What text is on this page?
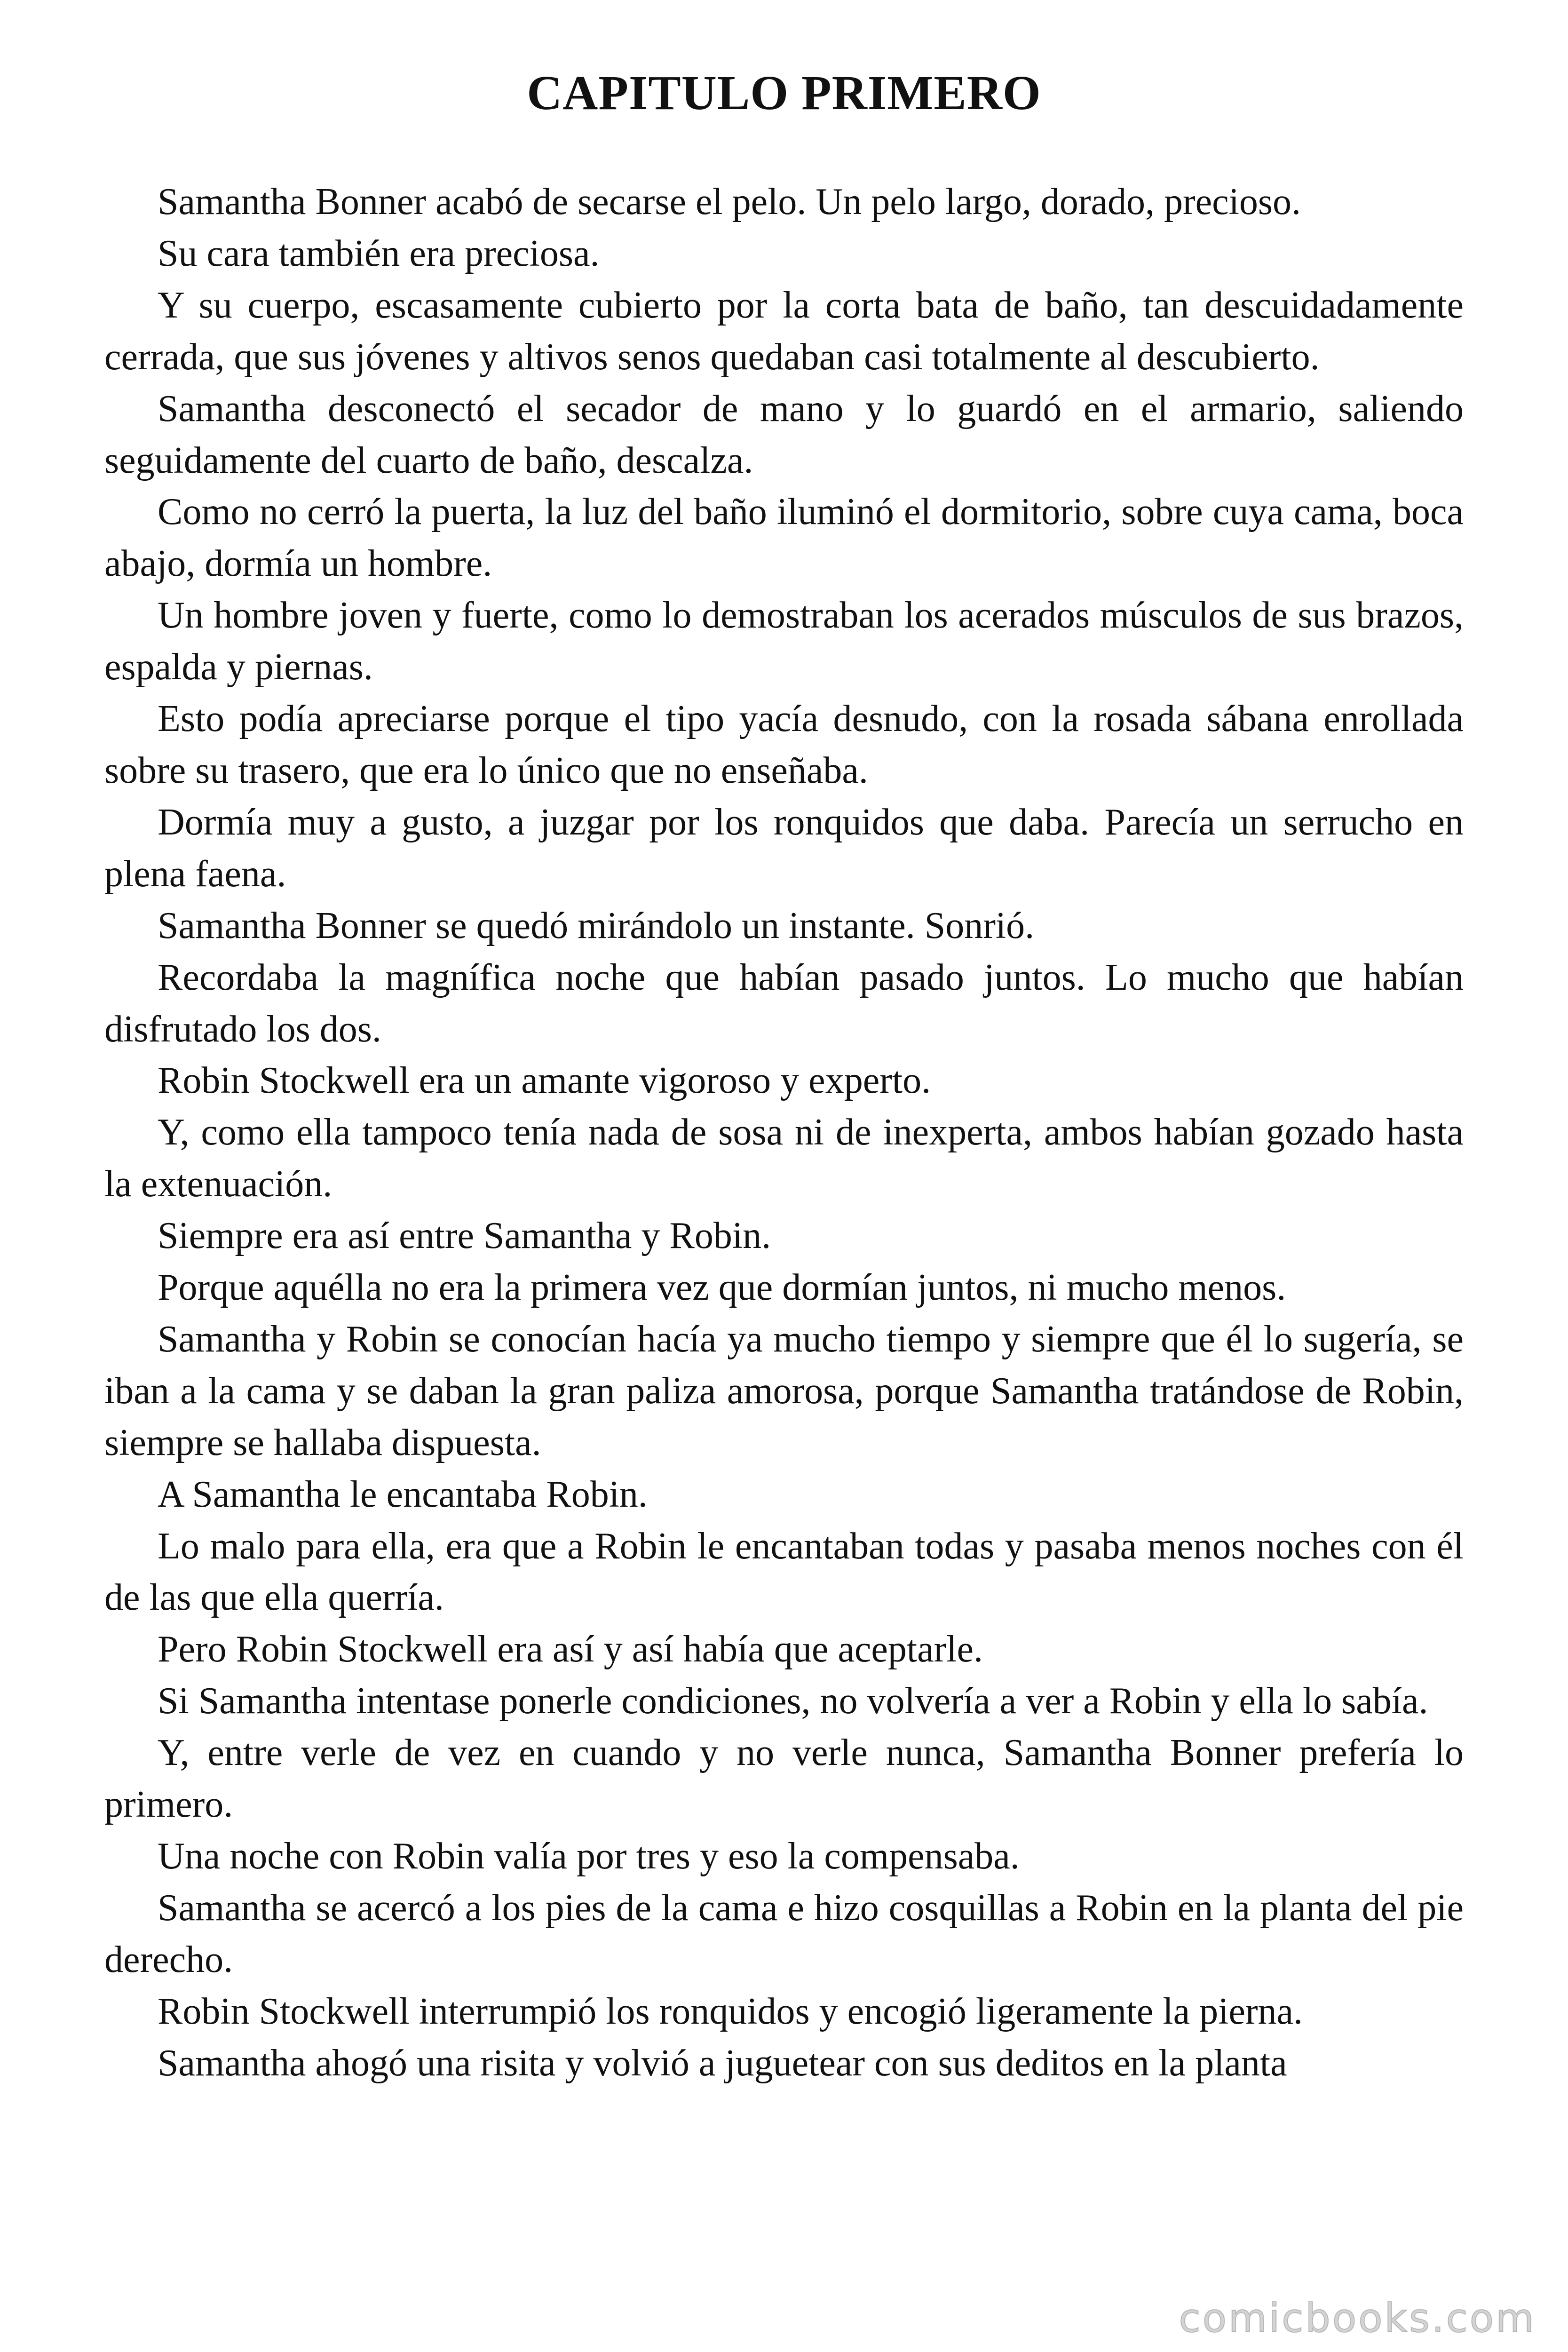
CAPITULO PRIMERO

Samantha Bonner acabó de secarse el pelo. Un pelo largo, dorado, precioso.

Su cara también era preciosa.

Y su cuerpo, escasamente cubierto por la corta bata de baño, tan descuidadamente cerrada, que sus jóvenes y altivos senos quedaban casi totalmente al descubierto.

Samantha desconectó el secador de mano y lo guardó en el armario, saliendo seguidamente del cuarto de baño, descalza.

Como no cerró la puerta, la luz del baño iluminó el dormitorio, sobre cuya cama, boca abajo, dormía un hombre.

Un hombre joven y fuerte, como lo demostraban los acerados músculos de sus brazos, espalda y piernas.

Esto podía apreciarse porque el tipo yacía desnudo, con la rosada sábana enrollada sobre su trasero, que era lo único que no enseñaba.

Dormía muy a gusto, a juzgar por los ronquidos que daba. Parecía un serrucho en plena faena.

Samantha Bonner se quedó mirándolo un instante. Sonrió.

Recordaba la magnífica noche que habían pasado juntos. Lo mucho que habían disfrutado los dos.

Robin Stockwell era un amante vigoroso y experto.

Y, como ella tampoco tenía nada de sosa ni de inexperta, ambos habían gozado hasta la extenuación.

Siempre era así entre Samantha y Robin.

Porque aquélla no era la primera vez que dormían juntos, ni mucho menos.

Samantha y Robin se conocían hacía ya mucho tiempo y siempre que él lo sugería, se iban a la cama y se daban la gran paliza amorosa, porque Samantha tratándose de Robin, siempre se hallaba dispuesta.

A Samantha le encantaba Robin.

Lo malo para ella, era que a Robin le encantaban todas y pasaba menos noches con él de las que ella querría.

Pero Robin Stockwell era así y así había que aceptarle.

Si Samantha intentase ponerle condiciones, no volvería a ver a Robin y ella lo sabía.

Y, entre verle de vez en cuando y no verle nunca, Samantha Bonner prefería lo primero.

Una noche con Robin valía por tres y eso la compensaba.

Samantha se acercó a los pies de la cama e hizo cosquillas a Robin en la planta del pie derecho.

Robin Stockwell interrumpió los ronquidos y encogió ligeramente la pierna.

Samantha ahogó una risita y volvió a juguetear con sus deditos en la planta

comicbooks.com
